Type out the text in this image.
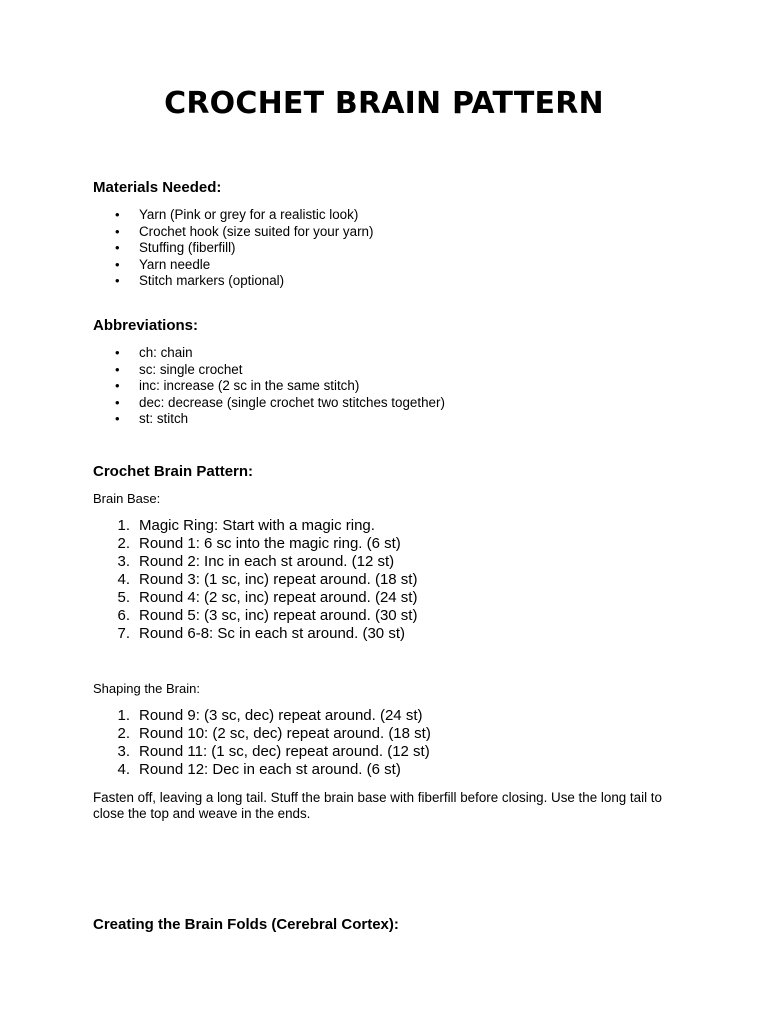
CROCHET BRAIN PATTERN
Materials Needed:
• Yarn (Pink or grey for a realistic look)
• Crochet hook (size suited for your yarn)
• Stuffing (fiberfill)
• Yarn needle
• Stitch markers (optional)
Abbreviations:
• ch: chain
• sc: single crochet
• inc: increase (2 sc in the same stitch)
• dec: decrease (single crochet two stitches together)
• st: stitch
Crochet Brain Pattern:

Brain Base:

1. Magic Ring: Start with a magic ring.
2. Round 1: 6 sc into the magic ring. (6 st)
3. Round 2: Inc in each st around. (12 st)
4. Round 3: (1 sc, inc) repeat around. (18 st)
5. Round 4: (2 sc, inc) repeat around. (24 st)
6. Round 5: (3 sc, inc) repeat around. (30 st)
7. Round 6-8: Sc in each st around. (30 st)

Shaping the Brain:

1. Round 9: (3 sc, dec) repeat around. (24 st)
2. Round 10: (2 sc, dec) repeat around. (18 st)
3. Round 11: (1 sc, dec) repeat around. (12 st)
4. Round 12: Dec in each st around. (6 st)

Fasten off, leaving a long tail. Stuff the brain base with fiberfill before closing. Use the long tail to close the top and weave in the ends.

Creating the Brain Folds (Cerebral Cortex):
